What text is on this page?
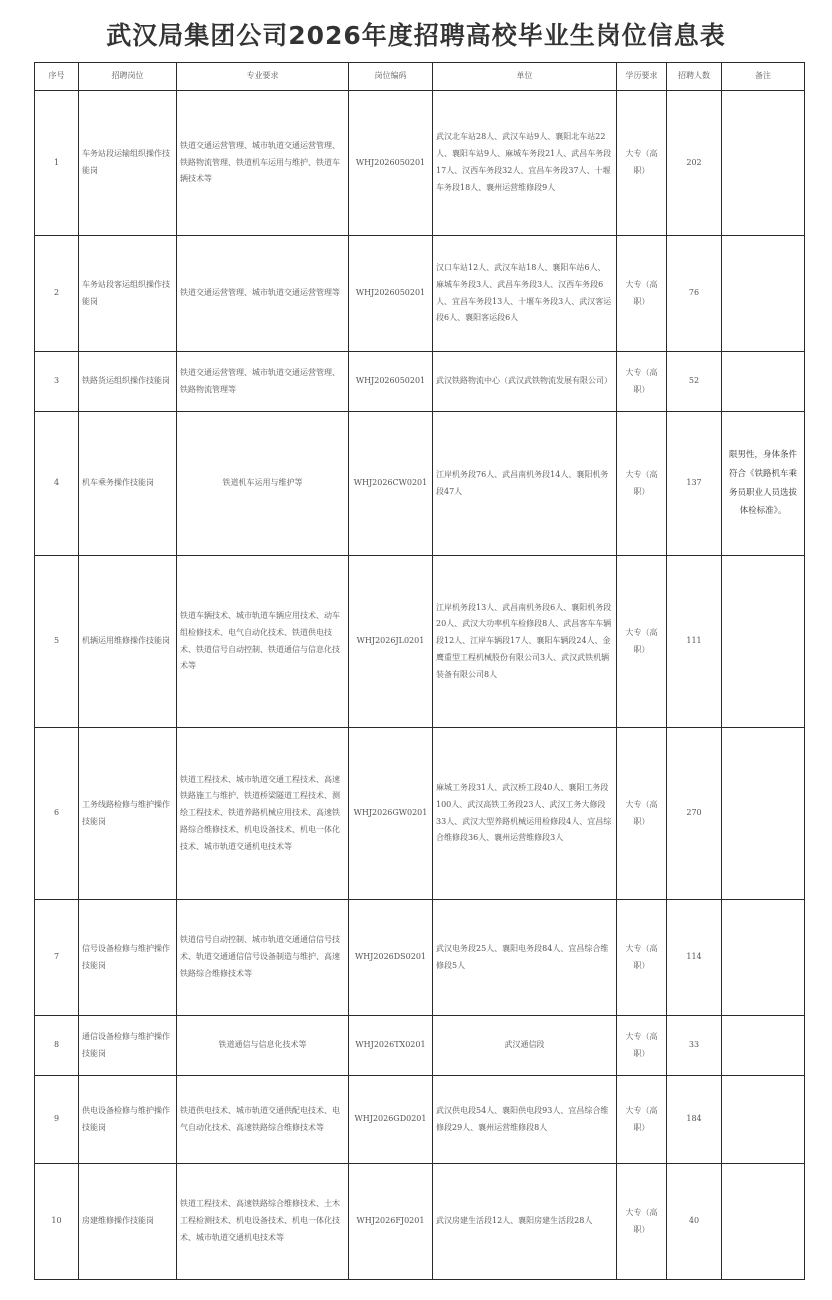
武汉局集团公司2026年度招聘高校毕业生岗位信息表
序号	招聘岗位	专业要求	岗位编码	单位	学历要求	招聘人数	备注
1	车务站段运输组织操作技能岗	铁道交通运营管理、城市轨道交通运营管理、铁路物流管理、铁道机车运用与维护、铁道车辆技术等	WHJ2026050201	武汉北车站28人、武汉车站9人、襄阳北车站22人、襄阳车站9人、麻城车务段21人、武昌车务段17人、汉西车务段32人、宜昌车务段37人、十堰车务段18人、襄州运营维修段9人	大专（高职）	202	
2	车务站段客运组织操作技能岗	铁道交通运营管理、城市轨道交通运营管理等	WHJ2026050201	汉口车站12人、武汉车站18人、襄阳车站6人、麻城车务段3人、武昌车务段3人、汉西车务段6人、宜昌车务段13人、十堰车务段3人、武汉客运段6人、襄阳客运段6人	大专（高职）	76	
3	铁路货运组织操作技能岗	铁道交通运营管理、城市轨道交通运营管理、铁路物流管理等	WHJ2026050201	武汉铁路物流中心（武汉武铁物流发展有限公司）	大专（高职）	52	
4	机车乘务操作技能岗	铁道机车运用与维护等	WHJ2026CW0201	江岸机务段76人、武昌南机务段14人、襄阳机务段47人	大专（高职）	137	限男性，身体条件符合《铁路机车乘务员职业人员选拔体检标准》。
5	机辆运用维修操作技能岗	铁道车辆技术、城市轨道车辆应用技术、动车组检修技术、电气自动化技术、铁道供电技术、铁道信号自动控制、铁道通信与信息化技术等	WHJ2026JL0201	江岸机务段13人、武昌南机务段6人、襄阳机务段20人、武汉大功率机车检修段8人、武昌客车车辆段12人、江岸车辆段17人、襄阳车辆段24人、金鹰重型工程机械股份有限公司3人、武汉武铁机辆装备有限公司8人	大专（高职）	111	
6	工务线路检修与维护操作技能岗	铁道工程技术、城市轨道交通工程技术、高速铁路施工与维护、铁道桥梁隧道工程技术、测绘工程技术、铁道养路机械应用技术、高速铁路综合维修技术、机电设备技术、机电一体化技术、城市轨道交通机电技术等	WHJ2026GW0201	麻城工务段31人、武汉桥工段40人、襄阳工务段100人、武汉高铁工务段23人、武汉工务大修段33人、武汉大型养路机械运用检修段4人、宜昌综合维修段36人、襄州运营维修段3人	大专（高职）	270	
7	信号设备检修与维护操作技能岗	铁道信号自动控制、城市轨道交通通信信号技术、轨道交通通信信号设备制造与维护、高速铁路综合维修技术等	WHJ2026DS0201	武汉电务段25人、襄阳电务段84人、宜昌综合维修段5人	大专（高职）	114	
8	通信设备检修与维护操作技能岗	铁道通信与信息化技术等	WHJ2026TX0201	武汉通信段	大专（高职）	33	
9	供电设备检修与维护操作技能岗	铁道供电技术、城市轨道交通供配电技术、电气自动化技术、高速铁路综合维修技术等	WHJ2026GD0201	武汉供电段54人、襄阳供电段93人、宜昌综合维修段29人、襄州运营维修段8人	大专（高职）	184	
10	房建维修操作技能岗	铁道工程技术、高速铁路综合维修技术、土木工程检测技术、机电设备技术、机电一体化技术、城市轨道交通机电技术等	WHJ2026FJ0201	武汉房建生活段12人、襄阳房建生活段28人	大专（高职）	40	
